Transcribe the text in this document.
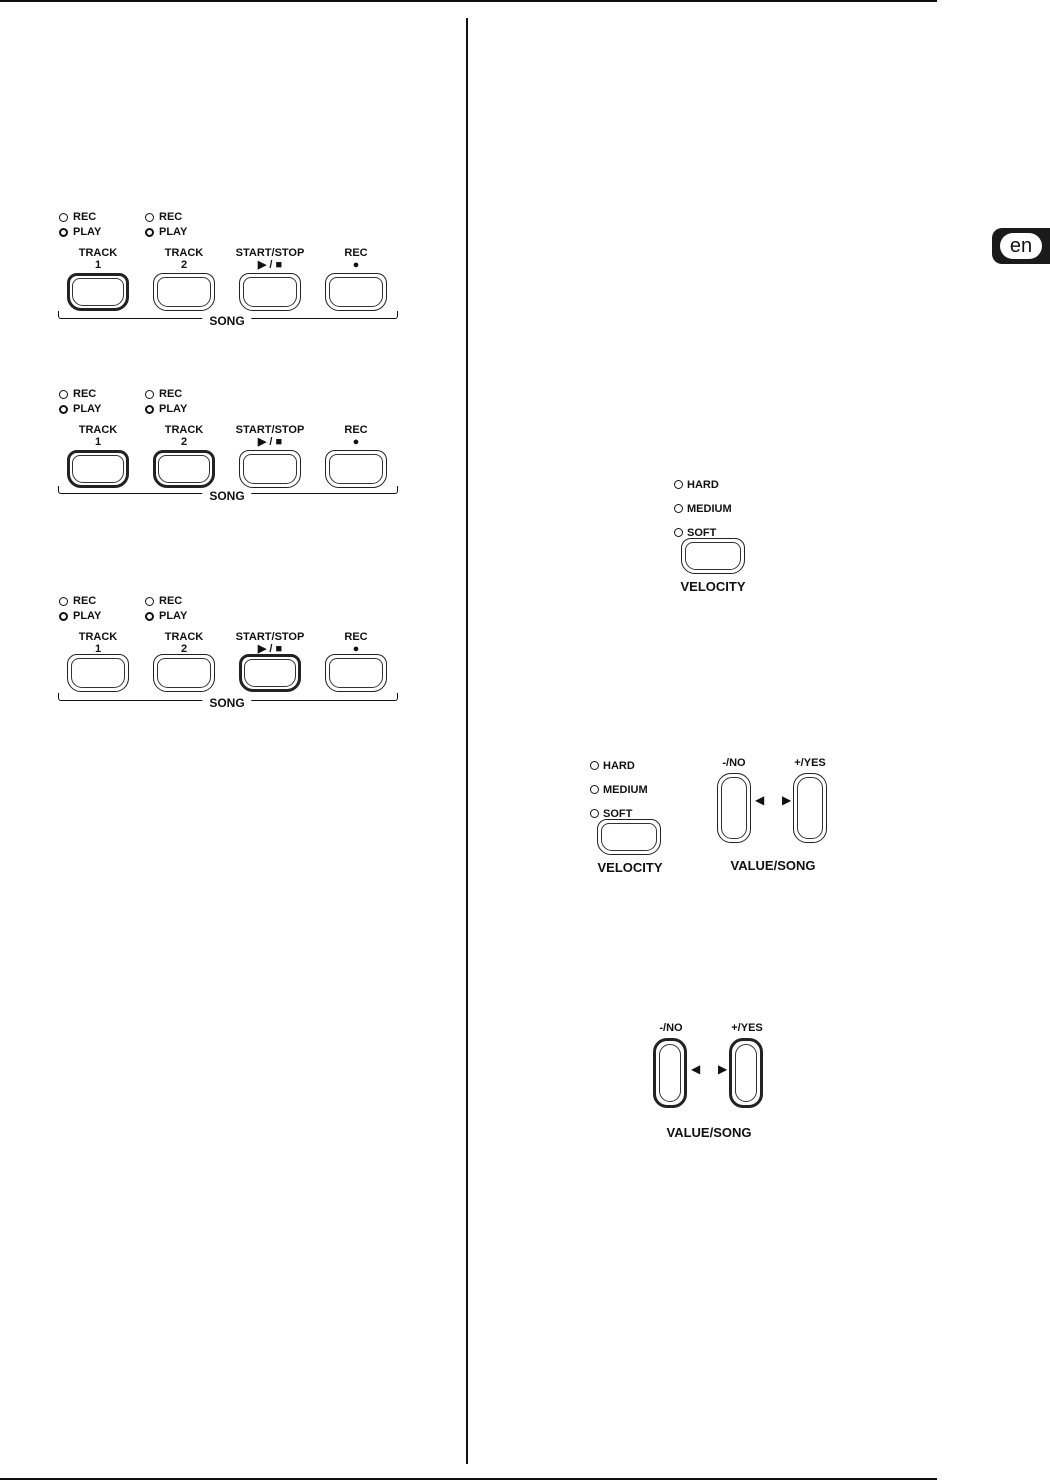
en
REC
PLAY
REC
PLAY
TRACK
1
TRACK
2
START/STOP
▶ / ■
REC
●
SONG
REC
PLAY
REC
PLAY
TRACK
1
TRACK
2
START/STOP
▶ / ■
REC
●
SONG
REC
PLAY
REC
PLAY
TRACK
1
TRACK
2
START/STOP
▶ / ■
REC
●
SONG
HARD
MEDIUM
SOFT
VELOCITY
HARD
MEDIUM
SOFT
VELOCITY
-/NO	+/YES
◀ ▶
VALUE/SONG
-/NO	+/YES
◀ ▶
VALUE/SONG
